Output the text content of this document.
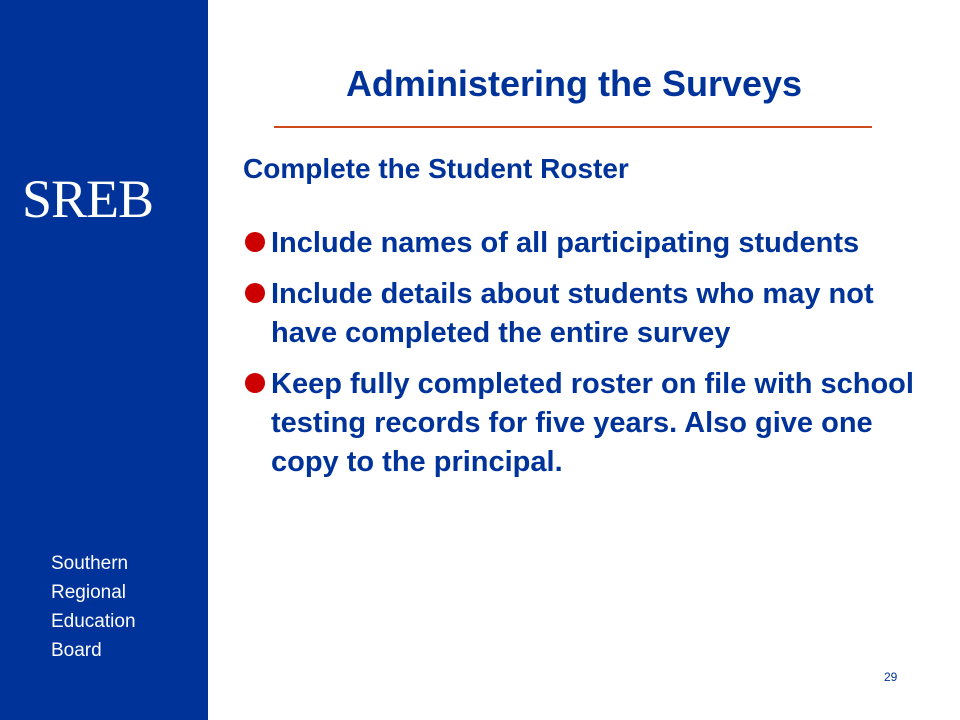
SREB
Southern
Regional
Education
Board
Administering the Surveys
Complete the Student Roster
Include names of all participating students
Include details about students who may not have completed the entire survey
Keep fully completed roster on file with school testing records for five years. Also give one copy to the principal.
29
